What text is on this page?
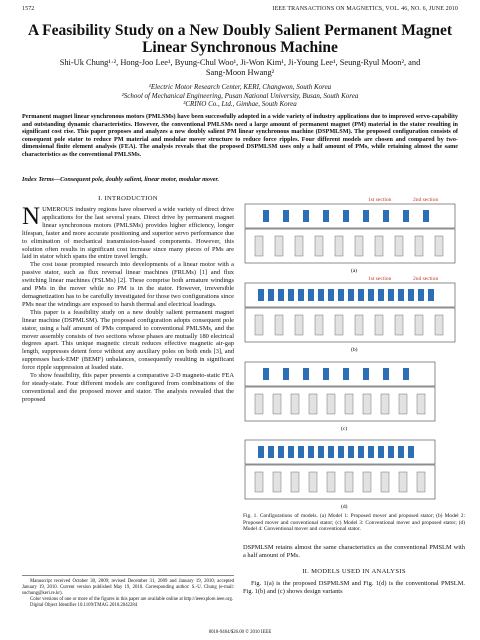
1572	IEEE TRANSACTIONS ON MAGNETICS, VOL. 46, NO. 6, JUNE 2010
A Feasibility Study on a New Doubly Salient Permanent Magnet
Linear Synchronous Machine
Shi-Uk Chung¹·², Hong-Joo Lee¹, Byung-Chul Woo¹, Ji-Won Kim¹, Ji-Young Lee¹, Seung-Ryul Moon², and
Sang-Moon Hwang²
¹Electric Motor Research Center, KERI, Changwon, South Korea
²School of Mechanical Engineering, Pusan National University, Busan, South Korea
³CRINO Co., Ltd., Gimhae, South Korea
Permanent magnet linear synchronous motors (PMLSMs) have been successfully adopted in a wide variety of industry applications due to improved servo-capability and outstanding dynamic characteristics. However, the conventional PMLSMs need a large amount of permanent magnet (PM) material in the stator resulting in significant cost rise. This paper proposes and analyzes a new doubly salient PM linear synchronous machine (DSPMLSM). The proposed configuration consists of consequent pole stator to reduce PM material and modular mover structure to reduce force ripples. Four different models are chosen and compared by two-dimensional finite element analysis (FEA). The analysis reveals that the proposed DSPMLSM uses only a half amount of PMs, while retaining almost the same characteristics as the conventional PMLSMs.
Index Terms—Consequent pole, doubly salient, linear motor, modular mover.
I. INTRODUCTION

NUMEROUS industry regions have observed a wide variety of direct drive applications for the last several years. Direct drive by permanent magnet linear synchronous motors (PMLSMs) provides higher efficiency, longer lifespan, faster and more accurate positioning and superior servo performance due to elimination of mechanical transmission-based components. However, this solution often results in significant cost increase since many pieces of PMs are laid in stator which spans the entire travel length.

The cost issue prompted research into developments of a linear motor with a passive stator, such as flux reversal linear machines (FRLMs) [1] and flux switching linear machines (FSLMs) [2]. These comprise both armature windings and PMs in the mover while no PM is in the stator. However, irreversible demagnetization has to be carefully investigated for those two configurations since PMs near the windings are exposed to harsh thermal and electrical loadings.

This paper is a feasibility study on a new doubly salient permanent magnet linear machine (DSPMLSM). The proposed configuration adopts consequent pole stator, using a half amount of PMs compared to conventional PMLSMs, and the mover assembly consists of two sections whose phases are mutually 180 electrical degrees apart. This unique magnetic circuit reduces effective magnetic air-gap length, suppresses detent force without any auxiliary poles on both ends [3], and suppresses back-EMF (BEMF) unbalances, consequently resulting in significant force ripple suppression at loaded state.

To show feasibility, this paper presents a comparative 2-D magneto-static FEA for steady-state. Four different models are configured from combinations of the conventional and the proposed mover and stator. The analysis revealed that the proposed

Manuscript received October 30, 2009; revised December 31, 2009 and January 19, 2010; accepted January 19, 2010. Current version published May 19, 2010. Corresponding author: S.-U. Chung (e-mail: suchung@keri.re.kr).
Color versions of one or more of the figures in this paper are available online at http://ieeexplore.ieee.org.
Digital Object Identifier 10.1109/TMAG.2010.2042284
1st section	2nd section
(a)
1st section	2nd section
(b)
(c)
(d)
Fig. 1. Configurations of models. (a) Model 1: Proposed mover and proposed stator; (b) Model 2: Proposed mover and conventional stator; (c) Model 3: Conventional mover and proposed stator; (d) Model 4: Conventional mover and conventional stator.

DSPMLSM retains almost the same characteristics as the conventional PMSLM with a half amount of PMs.

II. MODELS USED IN ANALYSIS

Fig. 1(a) is the proposed DSPMLSM and Fig. 1(d) is the conventional PMSLM. Fig. 1(b) and (c) shows design variants

0018-9464/$26.00 © 2010 IEEE
